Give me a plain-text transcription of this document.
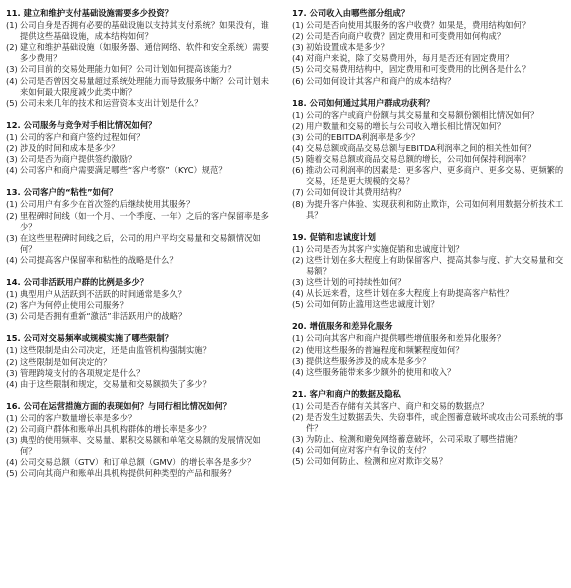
11. 建立和维护支付基础设施需要多少投资？
(1) 公司自身是否拥有必要的基础设施以支持其支付系统？如果没有，谁提供这些基础设施，成本结构如何？
(2) 建立和维护基础设施（如服务器、通信网络、软件和安全系统）需要多少费用？
(3) 公司目前的交易处理能力如何？公司计划如何提高该能力？
(4) 公司是否曾因交易量超过系统处理能力而导致服务中断？公司计划未来如何最大限度减少此类中断？
(5) 公司未来几年的技术和运营资本支出计划是什么？
12. 公司服务与竞争对手相比情况如何？
(1) 公司的客户和商户签约过程如何？
(2) 涉及的时间和成本是多少？
(3) 公司是否为商户提供签约激励？
(4) 公司客户和商户需要满足哪些“客户考察”（KYC）规范？
13. 公司客户的“粘性”如何？
(1) 公司用户有多少在首次签约后继续使用其服务？
(2) 里程碑时间线（如一个月、一个季度、一年）之后的客户保留率是多少？
(3) 在这些里程碑时间线之后，公司的用户平均交易量和交易额情况如何？
(4) 公司提高客户保留率和粘性的战略是什么？
14. 公司非活跃用户群的比例是多少？
(1) 典型用户从活跃到不活跃的时间通常是多久？
(2) 客户为何停止使用公司服务？
(3) 公司是否拥有重新“激活”非活跃用户的战略？
15. 公司对交易频率或规模实施了哪些限制？
(1) 这些限制是由公司决定，还是由监管机构强制实施？
(2) 这些限制是如何决定的？
(3) 管理跨境支付的各项规定是什么？
(4) 由于这些限制和规定，交易量和交易额损失了多少？
16. 公司在运营措施方面的表现如何？与同行相比情况如何？
(1) 公司的客户数量增长率是多少？
(2) 公司商户群体和账单出具机构群体的增长率是多少？
(3) 典型的使用频率、交易量、累积交易额和单笔交易额的发展情况如何？
(4) 公司交易总额（GTV）和订单总额（GMV）的增长率各是多少？
(5) 公司向其商户和账单出具机构提供何种类型的产品和服务？
17. 公司收入由哪些部分组成？
(1) 公司是否向使用其服务的客户收费？如果是，费用结构如何？
(2) 公司是否向商户收费？固定费用和可变费用如何构成？
(3) 初始设置成本是多少？
(4) 对商户来说，除了交易费用外，每月是否还有固定费用？
(5) 公司交易费用结构中，固定费用和可变费用的比例各是什么？
(6) 公司如何设计其客户和商户的成本结构？
18. 公司如何通过其用户群成功获利？
(1) 公司的客户或商户份额与其交易量和交易额份额相比情况如何？
(2) 用户数量和交易的增长与公司收入增长相比情况如何？
(3) 公司的EBITDA利润率是多少？
(4) 交易总额或商品交易总额与EBITDA利润率之间的相关性如何？
(5) 随着交易总额或商品交易总额的增长，公司如何保持利润率？
(6) 推动公司利润率的因素是：更多客户、更多商户、更多交易、更频繁的交易，还是更大规模的交易？
(7) 公司如何设计其费用结构？
(8) 为提升客户体验、实现获利和防止欺诈，公司如何利用数据分析技术工具？
19. 促销和忠诚度计划
(1) 公司是否为其客户实施促销和忠诚度计划？
(2) 这些计划在多大程度上有助保留客户、提高其参与度、扩大交易量和交易额？
(3) 这些计划的可持续性如何？
(4) 从长远来看，这些计划在多大程度上有助提高客户粘性？
(5) 公司如何防止滥用这些忠诚度计划？
20. 增值服务和差异化服务
(1) 公司向其客户和商户提供哪些增值服务和差异化服务？
(2) 使用这些服务的普遍程度和频繁程度如何？
(3) 提供这些服务涉及的成本是多少？
(4) 这些服务能带来多少额外的使用和收入？
21. 客户和商户的数据及隐私
(1) 公司是否存储有关其客户、商户和交易的数据点？
(2) 是否发生过数据丢失、失窃事件，或企图蓄意破坏或攻击公司系统的事件？
(3) 为防止、检测和避免网络蓄意破坏，公司采取了哪些措施？
(4) 公司如何应对客户有争议的支付？
(5) 公司如何防止、检测和应对欺诈交易？
